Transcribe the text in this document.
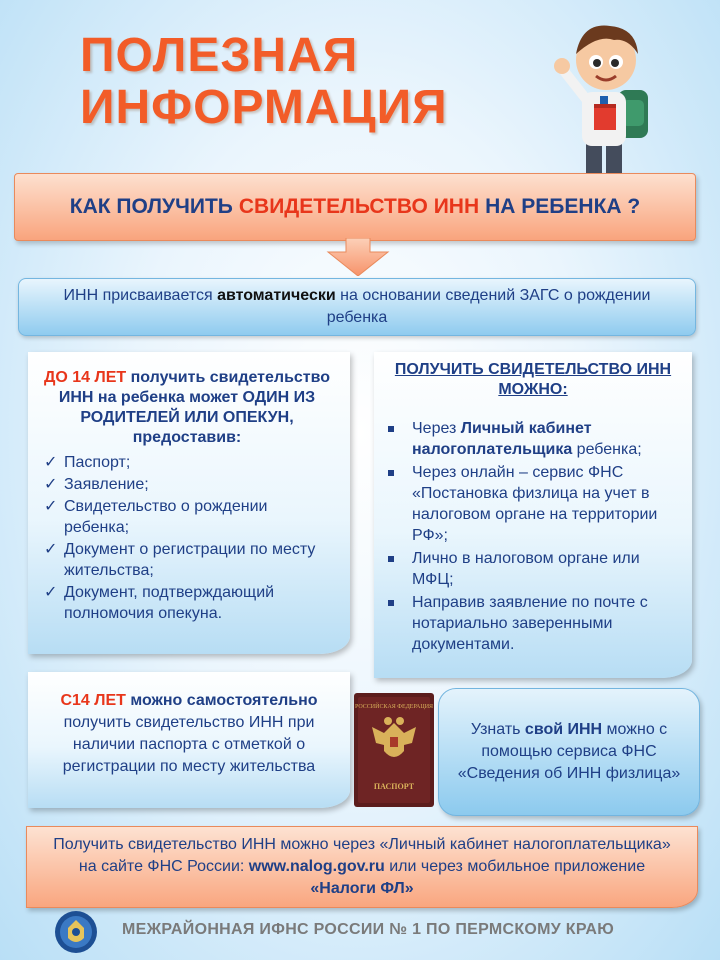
ПОЛЕЗНАЯ
ИНФОРМАЦИЯ
КАК ПОЛУЧИТЬ СВИДЕТЕЛЬСТВО ИНН НА РЕБЕНКА ?
ИНН присваивается автоматически на основании сведений ЗАГС о рождении ребенка
ДО 14 ЛЕТ получить свидетельство ИНН на ребенка может ОДИН ИЗ РОДИТЕЛЕЙ ИЛИ ОПЕКУН, предоставив:
✓ Паспорт;
✓ Заявление;
✓ Свидетельство о рождении ребенка;
✓ Документ о регистрации по месту жительства;
✓ Документ, подтверждающий полномочия опекуна.
ПОЛУЧИТЬ СВИДЕТЕЛЬСТВО ИНН МОЖНО:
Через Личный кабинет налогоплательщика ребенка;
Через онлайн – сервис ФНС «Постановка физлица на учет в налоговом органе на территории РФ»;
Лично в налоговом органе или МФЦ;
Направив заявление по почте с нотариально заверенными документами.
С14 ЛЕТ можно самостоятельно получить свидетельство ИНН при наличии паспорта с отметкой о регистрации по месту жительства
РОССИЙСКАЯ ФЕДЕРАЦИЯ
ПАСПОРТ
Узнать свой ИНН можно с помощью сервиса ФНС «Сведения об ИНН физлица»
Получить свидетельство ИНН можно через «Личный кабинет налогоплательщика» на сайте ФНС России: www.nalog.gov.ru или через мобильное приложение «Налоги ФЛ»
МЕЖРАЙОННАЯ ИФНС РОССИИ № 1 ПО ПЕРМСКОМУ КРАЮ
